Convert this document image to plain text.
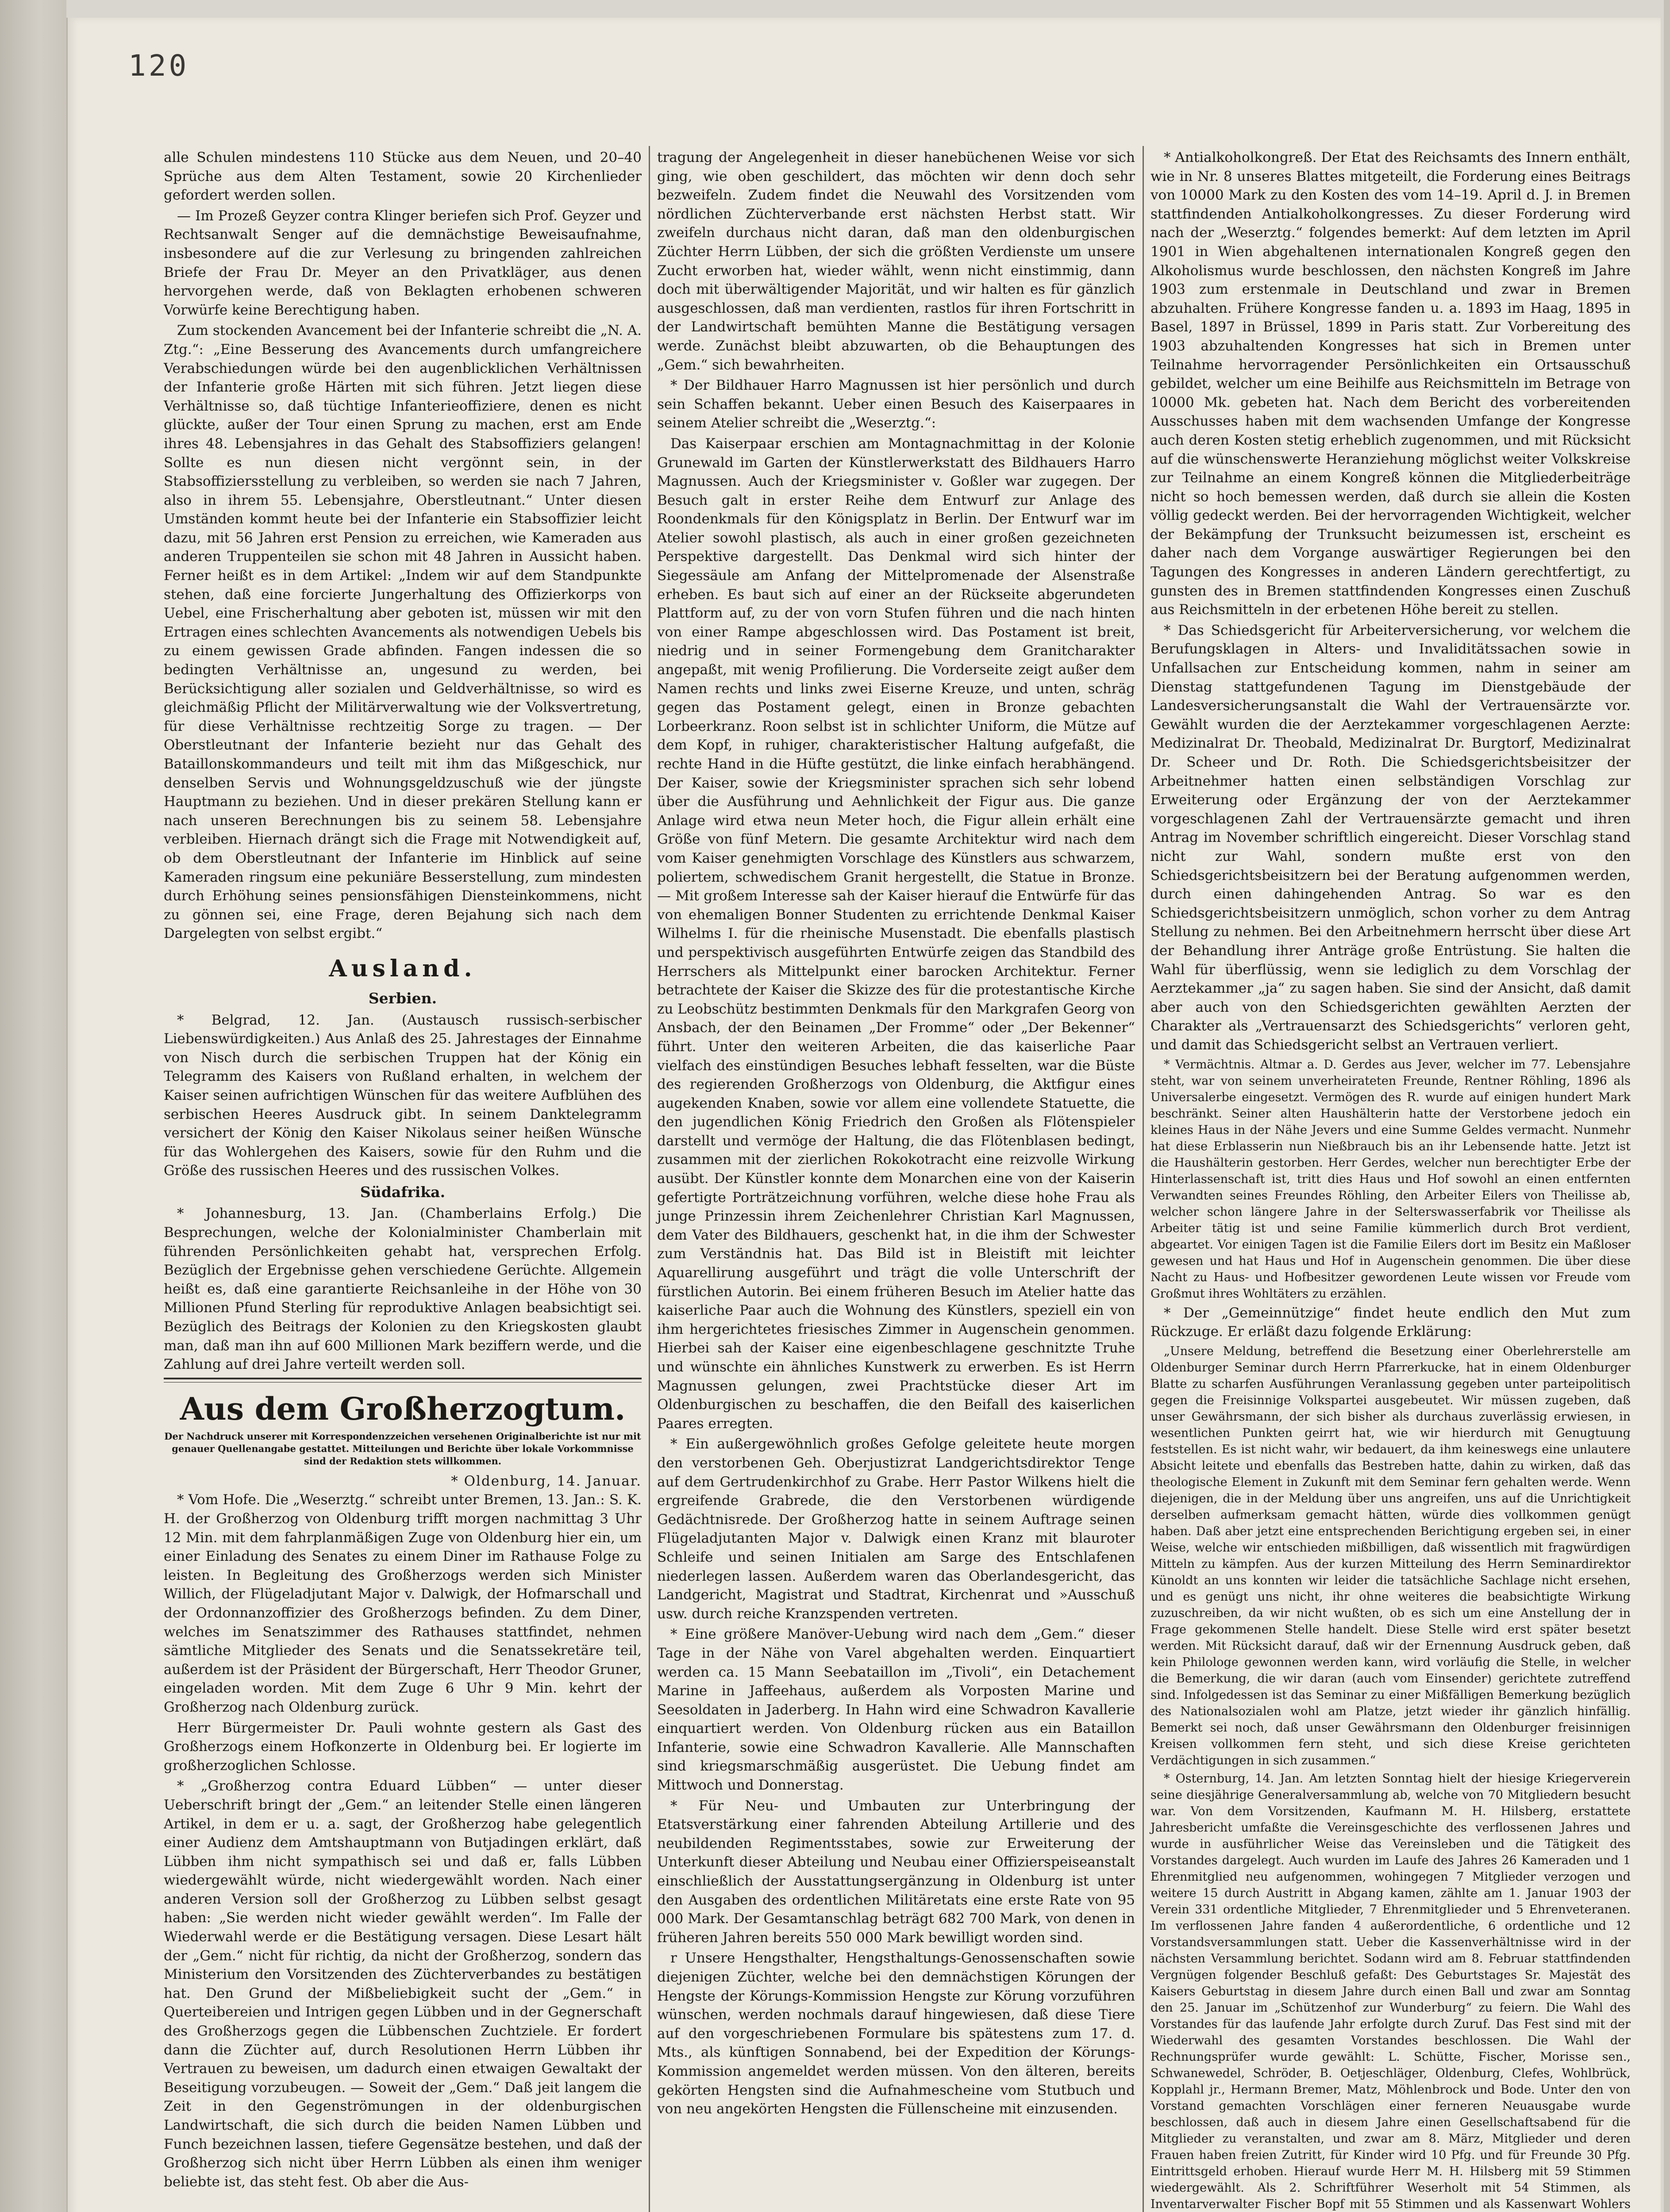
120

alle Schulen mindestens 110 Stücke aus dem Neuen, und 20–40 Sprüche aus dem Alten Testament, sowie 20 Kirchenlieder gefordert werden sollen.

— Im Prozeß Geyzer contra Klinger beriefen sich Prof. Geyzer und Rechtsanwalt Senger auf die demnächstige Beweisaufnahme, insbesondere auf die zur Verlesung zu bringenden zahlreichen Briefe der Frau Dr. Meyer an den Privatkläger, aus denen hervorgehen werde, daß von Beklagten erhobenen schweren Vorwürfe keine Berechtigung haben.

Zum stockenden Avancement bei der Infanterie schreibt die „N. A. Ztg.“: „Eine Besserung des Avancements durch umfangreichere Verabschiedungen würde bei den augenblicklichen Verhältnissen der Infanterie große Härten mit sich führen. Jetzt liegen diese Verhältnisse so, daß tüchtige Infanterieoffiziere, denen es nicht glückte, außer der Tour einen Sprung zu machen, erst am Ende ihres 48. Lebensjahres in das Gehalt des Stabsoffiziers gelangen! Sollte es nun diesen nicht vergönnt sein, in der Stabsoffiziersstellung zu verbleiben, so werden sie nach 7 Jahren, also in ihrem 55. Lebensjahre, Oberstleutnant.“ Unter diesen Umständen kommt heute bei der Infanterie ein Stabsoffizier leicht dazu, mit 56 Jahren erst Pension zu erreichen, wie Kameraden aus anderen Truppenteilen sie schon mit 48 Jahren in Aussicht haben. Ferner heißt es in dem Artikel: „Indem wir auf dem Standpunkte stehen, daß eine forcierte Jungerhaltung des Offizierkorps von Uebel, eine Frischerhaltung aber geboten ist, müssen wir mit den Ertragen eines schlechten Avancements als notwendigen Uebels bis zu einem gewissen Grade abfinden. Fangen indessen die so bedingten Verhältnisse an, ungesund zu werden, bei Berücksichtigung aller sozialen und Geldverhältnisse, so wird es gleichmäßig Pflicht der Militärverwaltung wie der Volksvertretung, für diese Verhältnisse rechtzeitig Sorge zu tragen. — Der Oberstleutnant der Infanterie bezieht nur das Gehalt des Bataillonskommandeurs und teilt mit ihm das Mißgeschick, nur denselben Servis und Wohnungsgeldzuschuß wie der jüngste Hauptmann zu beziehen. Und in dieser prekären Stellung kann er nach unseren Berechnungen bis zu seinem 58. Lebensjahre verbleiben. Hiernach drängt sich die Frage mit Notwendigkeit auf, ob dem Oberstleutnant der Infanterie im Hinblick auf seine Kameraden ringsum eine pekuniäre Besserstellung, zum mindesten durch Erhöhung seines pensionsfähigen Diensteinkommens, nicht zu gönnen sei, eine Frage, deren Bejahung sich nach dem Dargelegten von selbst ergibt.“

Ausland.
Serbien.

* Belgrad, 12. Jan. (Austausch russisch-serbischer Liebenswürdigkeiten.) Aus Anlaß des 25. Jahrestages der Einnahme von Nisch durch die serbischen Truppen hat der König ein Telegramm des Kaisers von Rußland erhalten, in welchem der Kaiser seinen aufrichtigen Wünschen für das weitere Aufblühen des serbischen Heeres Ausdruck gibt. In seinem Danktelegramm versichert der König den Kaiser Nikolaus seiner heißen Wünsche für das Wohlergehen des Kaisers, sowie für den Ruhm und die Größe des russischen Heeres und des russischen Volkes.

Südafrika.

* Johannesburg, 13. Jan. (Chamberlains Erfolg.) Die Besprechungen, welche der Kolonialminister Chamberlain mit führenden Persönlichkeiten gehabt hat, versprechen Erfolg. Bezüglich der Ergebnisse gehen verschiedene Gerüchte. Allgemein heißt es, daß eine garantierte Reichsanleihe in der Höhe von 30 Millionen Pfund Sterling für reproduktive Anlagen beabsichtigt sei. Bezüglich des Beitrags der Kolonien zu den Kriegskosten glaubt man, daß man ihn auf 600 Millionen Mark beziffern werde, und die Zahlung auf drei Jahre verteilt werden soll.

Aus dem Großherzogtum.

Der Nachdruck unserer mit Korrespondenzzeichen versehenen Originalberichte ist nur mit genauer Quellenangabe gestattet. Mitteilungen und Berichte über lokale Vorkommnisse sind der Redaktion stets willkommen.

* Oldenburg, 14. Januar.

* Vom Hofe. Die „Weserztg.“ schreibt unter Bremen, 13. Jan.: S. K. H. der Großherzog von Oldenburg trifft morgen nachmittag 3 Uhr 12 Min. mit dem fahrplanmäßigen Zuge von Oldenburg hier ein, um einer Einladung des Senates zu einem Diner im Rathause Folge zu leisten. In Begleitung des Großherzogs werden sich Minister Willich, der Flügeladjutant Major v. Dalwigk, der Hofmarschall und der Ordonnanzoffizier des Großherzogs befinden. Zu dem Diner, welches im Senatszimmer des Rathauses stattfindet, nehmen sämtliche Mitglieder des Senats und die Senatssekretäre teil, außerdem ist der Präsident der Bürgerschaft, Herr Theodor Gruner, eingeladen worden. Mit dem Zuge 6 Uhr 9 Min. kehrt der Großherzog nach Oldenburg zurück.

Herr Bürgermeister Dr. Pauli wohnte gestern als Gast des Großherzogs einem Hofkonzerte in Oldenburg bei. Er logierte im großherzoglichen Schlosse.

* „Großherzog contra Eduard Lübben“ — unter dieser Ueberschrift bringt der „Gem.“ an leitender Stelle einen längeren Artikel, in dem er u. a. sagt, der Großherzog habe gelegentlich einer Audienz dem Amtshauptmann von Butjadingen erklärt, daß Lübben ihm nicht sympathisch sei und daß er, falls Lübben wiedergewählt würde, nicht wiedergewählt worden. Nach einer anderen Version soll der Großherzog zu Lübben selbst gesagt haben: „Sie werden nicht wieder gewählt werden“. Im Falle der Wiederwahl werde er die Bestätigung versagen. Diese Lesart hält der „Gem.“ nicht für richtig, da nicht der Großherzog, sondern das Ministerium den Vorsitzenden des Züchterverbandes zu bestätigen hat. Den Grund der Mißbeliebigkeit sucht der „Gem.“ in Querteibereien und Intrigen gegen Lübben und in der Gegnerschaft des Großherzogs gegen die Lübbenschen Zuchtziele. Er fordert dann die Züchter auf, durch Resolutionen Herrn Lübben ihr Vertrauen zu beweisen, um dadurch einen etwaigen Gewaltakt der Beseitigung vorzubeugen. — Soweit der „Gem.“ Daß jeit langem die Zeit in den Gegenströmungen in der oldenburgischen Landwirtschaft, die sich durch die beiden Namen Lübben und Funch bezeichnen lassen, tiefere Gegensätze bestehen, und daß der Großherzog sich nicht über Herrn Lübben als einen ihm weniger beliebte ist, das steht fest. Ob aber die Aus-

tragung der Angelegenheit in dieser hanebüchenen Weise vor sich ging, wie oben geschildert, das möchten wir denn doch sehr bezweifeln. Zudem findet die Neuwahl des Vorsitzenden vom nördlichen Züchterverbande erst nächsten Herbst statt. Wir zweifeln durchaus nicht daran, daß man den oldenburgischen Züchter Herrn Lübben, der sich die größten Verdienste um unsere Zucht erworben hat, wieder wählt, wenn nicht einstimmig, dann doch mit überwältigender Majorität, und wir halten es für gänzlich ausgeschlossen, daß man verdienten, rastlos für ihren Fortschritt in der Landwirtschaft bemühten Manne die Bestätigung versagen werde. Zunächst bleibt abzuwarten, ob die Behauptungen des „Gem.“ sich bewahrheiten.

* Der Bildhauer Harro Magnussen ist hier persönlich und durch sein Schaffen bekannt. Ueber einen Besuch des Kaiserpaares in seinem Atelier schreibt die „Weserztg.“:

Das Kaiserpaar erschien am Montagnachmittag in der Kolonie Grunewald im Garten der Künstlerwerkstatt des Bildhauers Harro Magnussen. Auch der Kriegsminister v. Goßler war zugegen. Der Besuch galt in erster Reihe dem Entwurf zur Anlage des Roondenkmals für den Königsplatz in Berlin. Der Entwurf war im Atelier sowohl plastisch, als auch in einer großen gezeichneten Perspektive dargestellt. Das Denkmal wird sich hinter der Siegessäule am Anfang der Mittelpromenade der Alsenstraße erheben. Es baut sich auf einer an der Rückseite abgerundeten Plattform auf, zu der von vorn Stufen führen und die nach hinten von einer Rampe abgeschlossen wird. Das Postament ist breit, niedrig und in seiner Formengebung dem Granitcharakter angepaßt, mit wenig Profilierung. Die Vorderseite zeigt außer dem Namen rechts und links zwei Eiserne Kreuze, und unten, schräg gegen das Postament gelegt, einen in Bronze gebachten Lorbeerkranz. Roon selbst ist in schlichter Uniform, die Mütze auf dem Kopf, in ruhiger, charakteristischer Haltung aufgefaßt, die rechte Hand in die Hüfte gestützt, die linke einfach herabhängend. Der Kaiser, sowie der Kriegsminister sprachen sich sehr lobend über die Ausführung und Aehnlichkeit der Figur aus. Die ganze Anlage wird etwa neun Meter hoch, die Figur allein erhält eine Größe von fünf Metern. Die gesamte Architektur wird nach dem vom Kaiser genehmigten Vorschlage des Künstlers aus schwarzem, poliertem, schwedischem Granit hergestellt, die Statue in Bronze. — Mit großem Interesse sah der Kaiser hierauf die Entwürfe für das von ehemaligen Bonner Studenten zu errichtende Denkmal Kaiser Wilhelms I. für die rheinische Musenstadt. Die ebenfalls plastisch und perspektivisch ausgeführten Entwürfe zeigen das Standbild des Herrschers als Mittelpunkt einer barocken Architektur. Ferner betrachtete der Kaiser die Skizze des für die protestantische Kirche zu Leobschütz bestimmten Denkmals für den Markgrafen Georg von Ansbach, der den Beinamen „Der Fromme“ oder „Der Bekenner“ führt. Unter den weiteren Arbeiten, die das kaiserliche Paar vielfach des einstündigen Besuches lebhaft fesselten, war die Büste des regierenden Großherzogs von Oldenburg, die Aktfigur eines augekenden Knaben, sowie vor allem eine vollendete Statuette, die den jugendlichen König Friedrich den Großen als Flötenspieler darstellt und vermöge der Haltung, die das Flötenblasen bedingt, zusammen mit der zierlichen Rokokotracht eine reizvolle Wirkung ausübt. Der Künstler konnte dem Monarchen eine von der Kaiserin gefertigte Porträtzeichnung vorführen, welche diese hohe Frau als junge Prinzessin ihrem Zeichenlehrer Christian Karl Magnussen, dem Vater des Bildhauers, geschenkt hat, in die ihm der Schwester zum Verständnis hat. Das Bild ist in Bleistift mit leichter Aquarellirung ausgeführt und trägt die volle Unterschrift der fürstlichen Autorin. Bei einem früheren Besuch im Atelier hatte das kaiserliche Paar auch die Wohnung des Künstlers, speziell ein von ihm hergerichtetes friesisches Zimmer in Augenschein genommen. Hierbei sah der Kaiser eine eigenbeschlagene geschnitzte Truhe und wünschte ein ähnliches Kunstwerk zu erwerben. Es ist Herrn Magnussen gelungen, zwei Prachtstücke dieser Art im Oldenburgischen zu beschaffen, die den Beifall des kaiserlichen Paares erregten.

* Ein außergewöhnlich großes Gefolge geleitete heute morgen den verstorbenen Geh. Oberjustizrat Landgerichtsdirektor Tenge auf dem Gertrudenkirchhof zu Grabe. Herr Pastor Wilkens hielt die ergreifende Grabrede, die den Verstorbenen würdigende Gedächtnisrede. Der Großherzog hatte in seinem Auftrage seinen Flügeladjutanten Major v. Dalwigk einen Kranz mit blauroter Schleife und seinen Initialen am Sarge des Entschlafenen niederlegen lassen. Außerdem waren das Oberlandesgericht, das Landgericht, Magistrat und Stadtrat, Kirchenrat und »Ausschuß usw. durch reiche Kranzspenden vertreten.

* Eine größere Manöver-Uebung wird nach dem „Gem.“ dieser Tage in der Nähe von Varel abgehalten werden. Einquartiert werden ca. 15 Mann Seebataillon im „Tivoli“, ein Detachement Marine in Jaffeehaus, außerdem als Vorposten Marine und Seesoldaten in Jaderberg. In Hahn wird eine Schwadron Kavallerie einquartiert werden. Von Oldenburg rücken aus ein Bataillon Infanterie, sowie eine Schwadron Kavallerie. Alle Mannschaften sind kriegsmarschmäßig ausgerüstet. Die Uebung findet am Mittwoch und Donnerstag.

* Für Neu- und Umbauten zur Unterbringung der Etatsverstärkung einer fahrenden Abteilung Artillerie und des neubildenden Regimentsstabes, sowie zur Erweiterung der Unterkunft dieser Abteilung und Neubau einer Offizierspeiseanstalt einschließlich der Ausstattungsergänzung in Oldenburg ist unter den Ausgaben des ordentlichen Militäretats eine erste Rate von 95 000 Mark. Der Gesamtanschlag beträgt 682 700 Mark, von denen in früheren Jahren bereits 550 000 Mark bewilligt worden sind.

r Unsere Hengsthalter, Hengsthaltungs-Genossenschaften sowie diejenigen Züchter, welche bei den demnächstigen Körungen der Hengste der Körungs-Kommission Hengste zur Körung vorzuführen wünschen, werden nochmals darauf hingewiesen, daß diese Tiere auf den vorgeschriebenen Formulare bis spätestens zum 17. d. Mts., als künftigen Sonnabend, bei der Expedition der Körungs-Kommission angemeldet werden müssen. Von den älteren, bereits gekörten Hengsten sind die Aufnahmescheine vom Stutbuch und von neu angekörten Hengsten die Füllenscheine mit einzusenden.

* Antialkoholkongreß. Der Etat des Reichsamts des Innern enthält, wie in Nr. 8 unseres Blattes mitgeteilt, die Forderung eines Beitrags von 10000 Mark zu den Kosten des vom 14–19. April d. J. in Bremen stattfindenden Antialkoholkongresses. Zu dieser Forderung wird nach der „Weserztg.“ folgendes bemerkt: Auf dem letzten im April 1901 in Wien abgehaltenen internationalen Kongreß gegen den Alkoholismus wurde beschlossen, den nächsten Kongreß im Jahre 1903 zum erstenmale in Deutschland und zwar in Bremen abzuhalten. Frühere Kongresse fanden u. a. 1893 im Haag, 1895 in Basel, 1897 in Brüssel, 1899 in Paris statt. Zur Vorbereitung des 1903 abzuhaltenden Kongresses hat sich in Bremen unter Teilnahme hervorragender Persönlichkeiten ein Ortsausschuß gebildet, welcher um eine Beihilfe aus Reichsmitteln im Betrage von 10000 Mk. gebeten hat. Nach dem Bericht des vorbereitenden Ausschusses haben mit dem wachsenden Umfange der Kongresse auch deren Kosten stetig erheblich zugenommen, und mit Rücksicht auf die wünschenswerte Heranziehung möglichst weiter Volkskreise zur Teilnahme an einem Kongreß können die Mitgliederbeiträge nicht so hoch bemessen werden, daß durch sie allein die Kosten völlig gedeckt werden. Bei der hervorragenden Wichtigkeit, welcher der Bekämpfung der Trunksucht beizumessen ist, erscheint es daher nach dem Vorgange auswärtiger Regierungen bei den Tagungen des Kongresses in anderen Ländern gerechtfertigt, zu gunsten des in Bremen stattfindenden Kongresses einen Zuschuß aus Reichsmitteln in der erbetenen Höhe bereit zu stellen.

* Das Schiedsgericht für Arbeiterversicherung, vor welchem die Berufungsklagen in Alters- und Invaliditätssachen sowie in Unfallsachen zur Entscheidung kommen, nahm in seiner am Dienstag stattgefundenen Tagung im Dienstgebäude der Landesversicherungsanstalt die Wahl der Vertrauensärzte vor. Gewählt wurden die der Aerztekammer vorgeschlagenen Aerzte: Medizinalrat Dr. Theobald, Medizinalrat Dr. Burgtorf, Medizinalrat Dr. Scheer und Dr. Roth. Die Schiedsgerichtsbeisitzer der Arbeitnehmer hatten einen selbständigen Vorschlag zur Erweiterung oder Ergänzung der von der Aerztekammer vorgeschlagenen Zahl der Vertrauensärzte gemacht und ihren Antrag im November schriftlich eingereicht. Dieser Vorschlag stand nicht zur Wahl, sondern mußte erst von den Schiedsgerichtsbeisitzern bei der Beratung aufgenommen werden, durch einen dahingehenden Antrag. So war es den Schiedsgerichtsbeisitzern unmöglich, schon vorher zu dem Antrag Stellung zu nehmen. Bei den Arbeitnehmern herrscht über diese Art der Behandlung ihrer Anträge große Entrüstung. Sie halten die Wahl für überflüssig, wenn sie lediglich zu dem Vorschlag der Aerztekammer „ja“ zu sagen haben. Sie sind der Ansicht, daß damit aber auch von den Schiedsgerichten gewählten Aerzten der Charakter als „Vertrauensarzt des Schiedsgerichts“ verloren geht, und damit das Schiedsgericht selbst an Vertrauen verliert.

* Vermächtnis. Altmar a. D. Gerdes aus Jever, welcher im 77. Lebensjahre steht, war von seinem unverheirateten Freunde, Rentner Röhling, 1896 als Universalerbe eingesetzt. Vermögen des R. wurde auf einigen hundert Mark beschränkt. Seiner alten Haushälterin hatte der Verstorbene jedoch ein kleines Haus in der Nähe Jevers und eine Summe Geldes vermacht. Nunmehr hat diese Erblasserin nun Nießbrauch bis an ihr Lebensende hatte. Jetzt ist die Haushälterin gestorben. Herr Gerdes, welcher nun berechtigter Erbe der Hinterlassenschaft ist, tritt dies Haus und Hof sowohl an einen entfernten Verwandten seines Freundes Röhling, den Arbeiter Eilers von Theilisse ab, welcher schon längere Jahre in der Selterswasserfabrik vor Theilisse als Arbeiter tätig ist und seine Familie kümmerlich durch Brot verdient, abgeartet. Vor einigen Tagen ist die Familie Eilers dort im Besitz ein Maßloser gewesen und hat Haus und Hof in Augenschein genommen. Die über diese Nacht zu Haus- und Hofbesitzer gewordenen Leute wissen vor Freude vom Großmut ihres Wohltäters zu erzählen.

* Der „Gemeinnützige“ findet heute endlich den Mut zum Rückzuge. Er erläßt dazu folgende Erklärung:

„Unsere Meldung, betreffend die Besetzung einer Oberlehrerstelle am Oldenburger Seminar durch Herrn Pfarrerkucke, hat in einem Oldenburger Blatte zu scharfen Ausführungen Veranlassung gegeben unter parteipolitisch gegen die Freisinnige Volkspartei ausgebeutet. Wir müssen zugeben, daß unser Gewährsmann, der sich bisher als durchaus zuverlässig erwiesen, in wesentlichen Punkten geirrt hat, wie wir hierdurch mit Genugtuung feststellen. Es ist nicht wahr, wir bedauert, da ihm keineswegs eine unlautere Absicht leitete und ebenfalls das Bestreben hatte, dahin zu wirken, daß das theologische Element in Zukunft mit dem Seminar fern gehalten werde. Wenn diejenigen, die in der Meldung über uns angreifen, uns auf die Unrichtigkeit derselben aufmerksam gemacht hätten, würde dies vollkommen genügt haben. Daß aber jetzt eine entsprechenden Berichtigung ergeben sei, in einer Weise, welche wir entschieden mißbilligen, daß wissentlich mit fragwürdigen Mitteln zu kämpfen. Aus der kurzen Mitteilung des Herrn Seminardirektor Künoldt an uns konnten wir leider die tatsächliche Sachlage nicht ersehen, und es genügt uns nicht, ihr ohne weiteres die beabsichtigte Wirkung zuzuschreiben, da wir nicht wußten, ob es sich um eine Anstellung der in Frage gekommenen Stelle handelt. Diese Stelle wird erst später besetzt werden. Mit Rücksicht darauf, daß wir der Ernennung Ausdruck geben, daß kein Philologe gewonnen werden kann, wird vorläufig die Stelle, in welcher die Bemerkung, die wir daran (auch vom Einsender) gerichtete zutreffend sind. Infolgedessen ist das Seminar zu einer Mißfälligen Bemerkung bezüglich des Nationalsozialen wohl am Platze, jetzt wieder ihr gänzlich hinfällig. Bemerkt sei noch, daß unser Gewährsmann den Oldenburger freisinnigen Kreisen vollkommen fern steht, und sich diese Kreise gerichteten Verdächtigungen in sich zusammen.“

* Osternburg, 14. Jan. Am letzten Sonntag hielt der hiesige Kriegerverein seine diesjährige Generalversammlung ab, welche von 70 Mitgliedern besucht war. Von dem Vorsitzenden, Kaufmann M. H. Hilsberg, erstattete Jahresbericht umfaßte die Vereinsgeschichte des verflossenen Jahres und wurde in ausführlicher Weise das Vereinsleben und die Tätigkeit des Vorstandes dargelegt. Auch wurden im Laufe des Jahres 26 Kameraden und 1 Ehrenmitglied neu aufgenommen, wohingegen 7 Mitglieder verzogen und weitere 15 durch Austritt in Abgang kamen, zählte am 1. Januar 1903 der Verein 331 ordentliche Mitglieder, 7 Ehrenmitglieder und 5 Ehrenveteranen. Im verflossenen Jahre fanden 4 außerordentliche, 6 ordentliche und 12 Vorstandsversammlungen statt. Ueber die Kassenverhältnisse wird in der nächsten Versammlung berichtet. Sodann wird am 8. Februar stattfindenden Vergnügen folgender Beschluß gefaßt: Des Geburtstages Sr. Majestät des Kaisers Geburtstag in diesem Jahre durch einen Ball und zwar am Sonntag den 25. Januar im „Schützenhof zur Wunderburg“ zu feiern. Die Wahl des Vorstandes für das laufende Jahr erfolgte durch Zuruf. Das Fest sind mit der Wiederwahl des gesamten Vorstandes beschlossen. Die Wahl der Rechnungsprüfer wurde gewählt: L. Schütte, Fischer, Morisse sen., Schwanewedel, Schröder, B. Oetjeschläger, Oldenburg, Clefes, Wohlbrück, Kopplahl jr., Hermann Bremer, Matz, Möhlenbrock und Bode. Unter den von Vorstand gemachten Vorschlägen einer ferneren Neuausgabe wurde beschlossen, daß auch in diesem Jahre einen Gesellschaftsabend für die Mitglieder zu veranstalten, und zwar am 8. März, Mitglieder und deren Frauen haben freien Zutritt, für Kinder wird 10 Pfg. und für Freunde 30 Pfg. Eintrittsgeld erhoben. Hierauf wurde Herr M. H. Hilsberg mit 59 Stimmen wiedergewählt. Als 2. Schriftführer Weserholt mit 54 Stimmen, als Inventarverwalter Fischer Bopf mit 55 Stimmen und als Kassenwart Wohlers
